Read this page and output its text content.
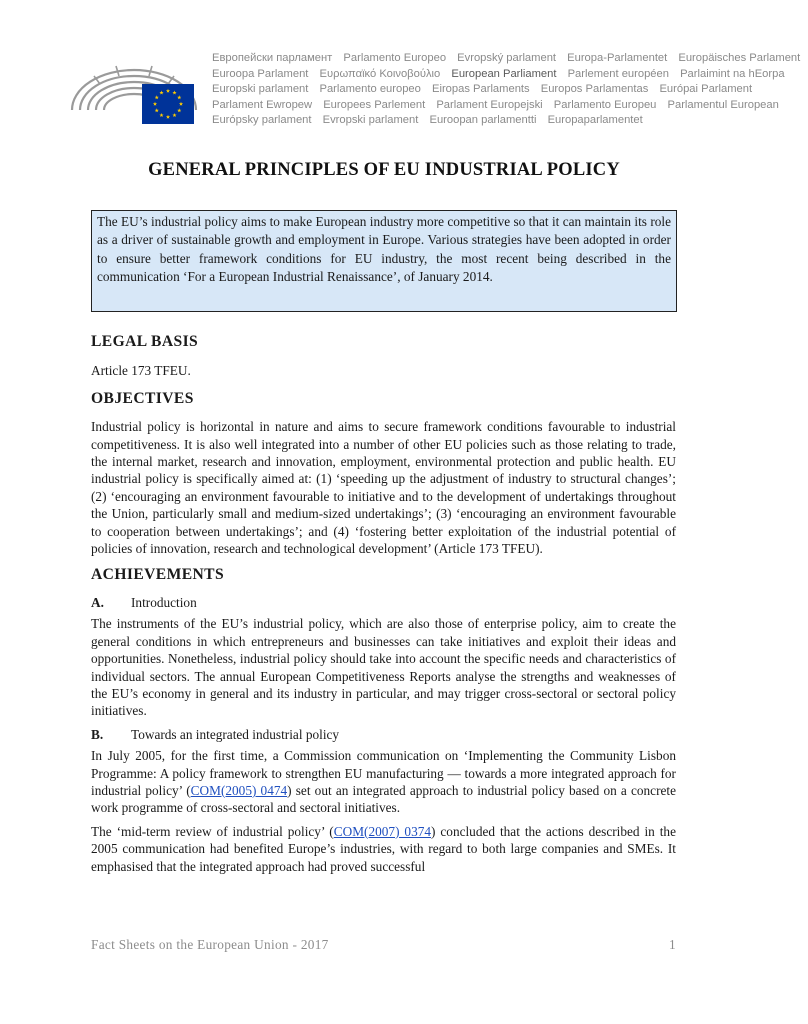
Европейски парламент Parlamento Europeo Evropský parlament Europa-Parlamentet Europäisches Parlament
Euroopa Parlament Ευρωπαϊκό Κοινοβούλιο European Parliament Parlement européen Parlaimint na hEorpa
Europski parlament Parlamento europeo Eiropas Parlaments Europos Parlamentas Európai Parlament
Parlament Ewropew Europees Parlement Parlament Europejski Parlamento Europeu Parlamentul European
Európsky parlament Evropski parlament Euroopan parlamentti Europaparlamentet
GENERAL PRINCIPLES OF EU INDUSTRIAL POLICY
The EU’s industrial policy aims to make European industry more competitive so that it can maintain its role as a driver of sustainable growth and employment in Europe. Various strategies have been adopted in order to ensure better framework conditions for EU industry, the most recent being described in the communication ‘For a European Industrial Renaissance’, of January 2014.
LEGAL BASIS

Article 173 TFEU.

OBJECTIVES

Industrial policy is horizontal in nature and aims to secure framework conditions favourable to industrial competitiveness. It is also well integrated into a number of other EU policies such as those relating to trade, the internal market, research and innovation, employment, environmental protection and public health. EU industrial policy is specifically aimed at: (1) ‘speeding up the adjustment of industry to structural changes’; (2) ‘encouraging an environment favourable to initiative and to the development of undertakings throughout the Union, particularly small and medium-sized undertakings’; (3) ‘encouraging an environment favourable to cooperation between undertakings’; and (4) ‘fostering better exploitation of the industrial potential of policies of innovation, research and technological development’ (Article 173 TFEU).

ACHIEVEMENTS
A.	Introduction

The instruments of the EU’s industrial policy, which are also those of enterprise policy, aim to create the general conditions in which entrepreneurs and businesses can take initiatives and exploit their ideas and opportunities. Nonetheless, industrial policy should take into account the specific needs and characteristics of individual sectors. The annual European Competitiveness Reports analyse the strengths and weaknesses of the EU’s economy in general and its industry in particular, and may trigger cross-sectoral or sectoral policy initiatives.

B.	Towards an integrated industrial policy

In July 2005, for the first time, a Commission communication on ‘Implementing the Community Lisbon Programme: A policy framework to strengthen EU manufacturing — towards a more integrated approach for industrial policy’ (COM(2005) 0474) set out an integrated approach to industrial policy based on a concrete work programme of cross-sectoral and sectoral initiatives.

The ‘mid-term review of industrial policy’ (COM(2007) 0374) concluded that the actions described in the 2005 communication had benefited Europe’s industries, with regard to both large companies and SMEs. It emphasised that the integrated approach had proved successful

Fact Sheets on the European Union - 2017	1
